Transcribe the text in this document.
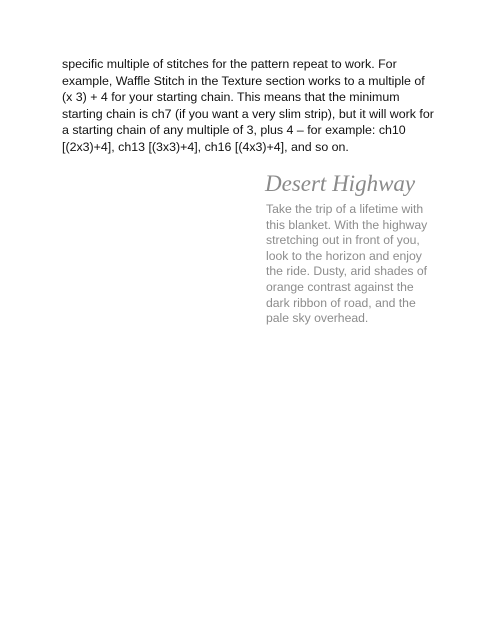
specific multiple of stitches for the pattern repeat to work. For example, Waffle Stitch in the Texture section works to a multiple of (x 3) + 4 for your starting chain. This means that the minimum starting chain is ch7 (if you want a very slim strip), but it will work for a starting chain of any multiple of 3, plus 4 – for example: ch10 [(2x3)+4], ch13 [(3x3)+4], ch16 [(4x3)+4], and so on.

Desert Highway

Take the trip of a lifetime with this blanket. With the highway stretching out in front of you, look to the horizon and enjoy the ride. Dusty, arid shades of orange contrast against the dark ribbon of road, and the pale sky overhead.
